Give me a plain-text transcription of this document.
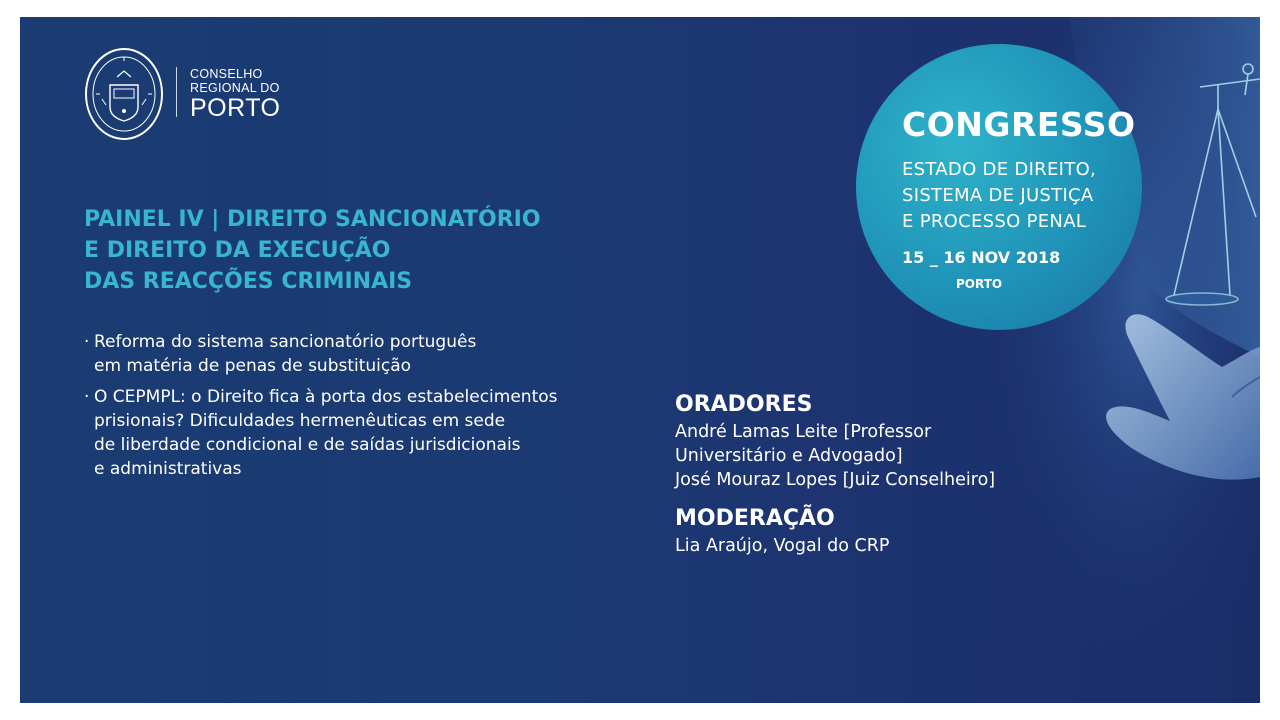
CONSELHO
REGIONAL DO
PORTO
PAINEL IV | DIREITO SANCIONATÓRIO
E DIREITO DA EXECUÇÃO
DAS REACÇÕES CRIMINAIS
· Reforma do sistema sancionatório português
em matéria de penas de substituição
· O CEPMPL: o Direito fica à porta dos estabelecimentos
prisionais? Dificuldades hermenêuticas em sede
de liberdade condicional e de saídas jurisdicionais
e administrativas
ORADORES
André Lamas Leite [Professor
Universitário e Advogado]
José Mouraz Lopes [Juiz Conselheiro]
MODERAÇÃO
Lia Araújo, Vogal do CRP
CONGRESSO
ESTADO DE DIREITO,
SISTEMA DE JUSTIÇA
E PROCESSO PENAL
15 _ 16 NOV 2018
PORTO
